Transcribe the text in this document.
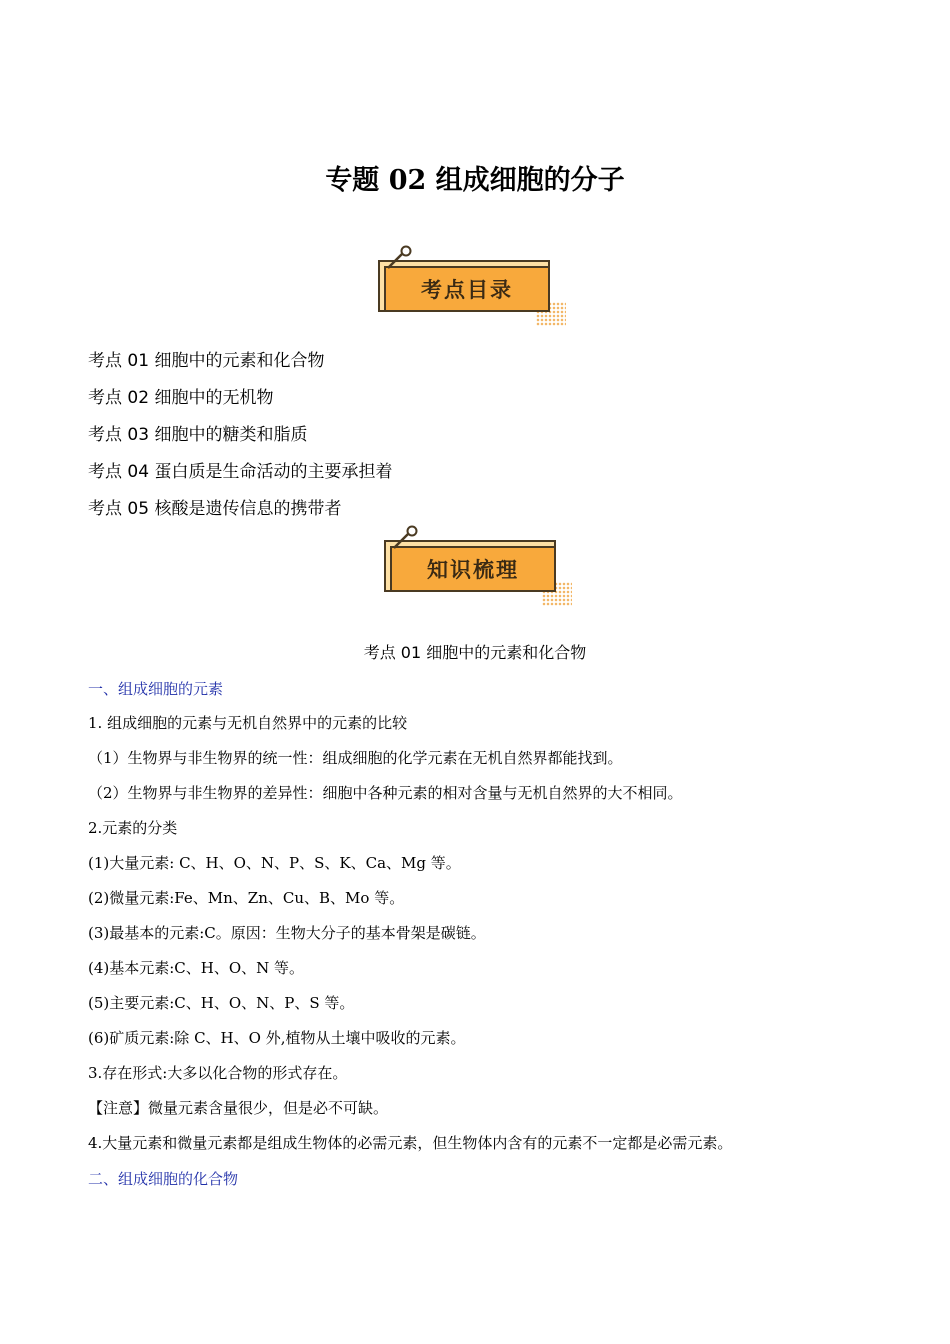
专题 02 组成细胞的分子
考点目录
考点 01 细胞中的元素和化合物
考点 02 细胞中的无机物
考点 03 细胞中的糖类和脂质
考点 04 蛋白质是生命活动的主要承担着
考点 05 核酸是遗传信息的携带者
知识梳理
考点 01 细胞中的元素和化合物
一、组成细胞的元素
1. 组成细胞的元素与无机自然界中的元素的比较
（1）生物界与非生物界的统一性：组成细胞的化学元素在无机自然界都能找到。
（2）生物界与非生物界的差异性：细胞中各种元素的相对含量与无机自然界的大不相同。
2.元素的分类
(1)大量元素: C、H、O、N、P、S、K、Ca、Mg 等。
(2)微量元素:Fe、Mn、Zn、Cu、B、Mo 等。
(3)最基本的元素:C。原因：生物大分子的基本骨架是碳链。
(4)基本元素:C、H、O、N 等。
(5)主要元素:C、H、O、N、P、S 等。
(6)矿质元素:除 C、H、O 外,植物从土壤中吸收的元素。
3.存在形式:大多以化合物的形式存在。
【注意】微量元素含量很少，但是必不可缺。
4.大量元素和微量元素都是组成生物体的必需元素，但生物体内含有的元素不一定都是必需元素。
二、组成细胞的化合物
